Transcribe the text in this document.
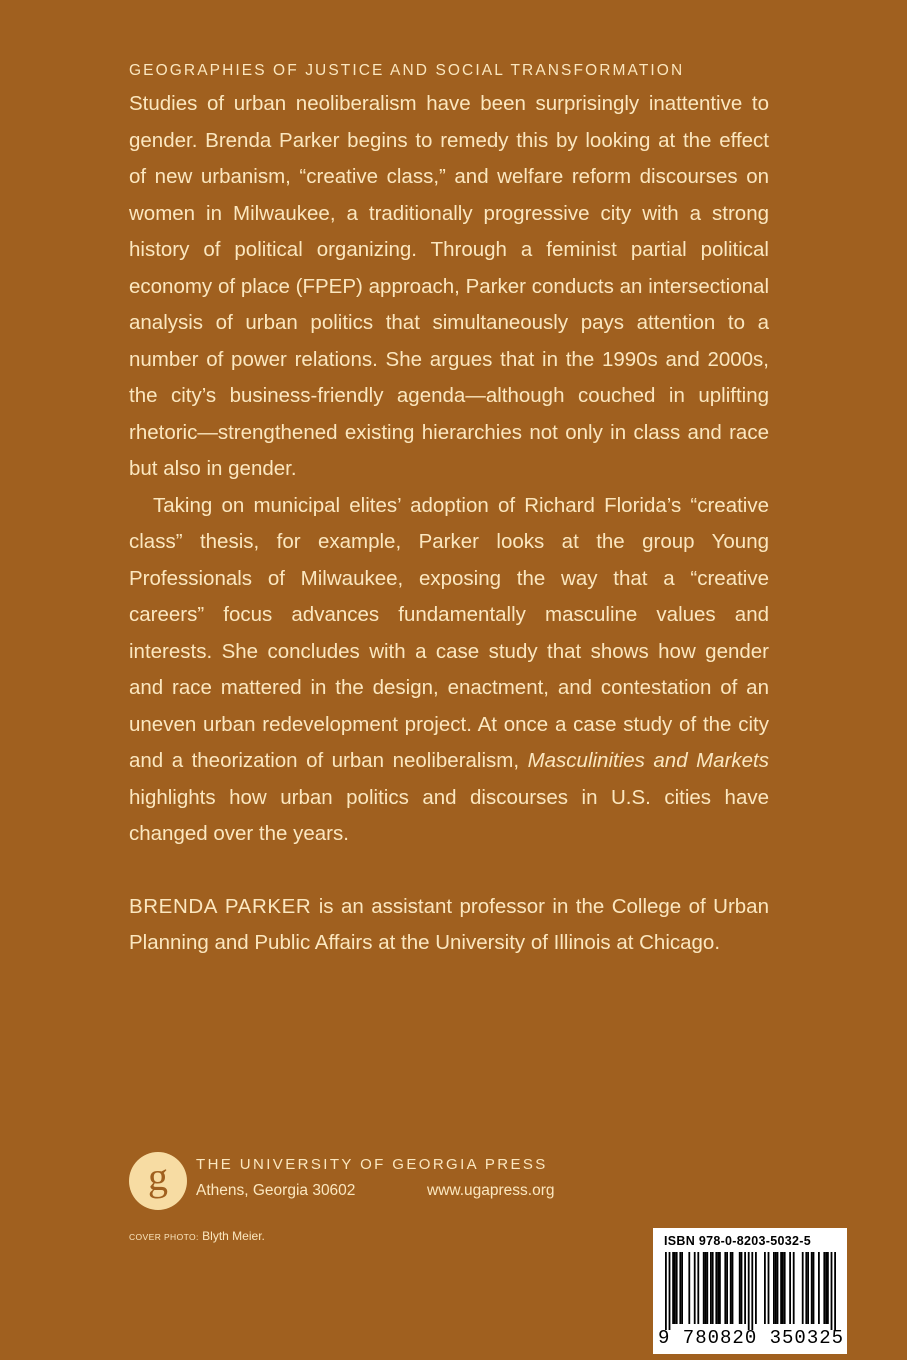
GEOGRAPHIES OF JUSTICE AND SOCIAL TRANSFORMATION

Studies of urban neoliberalism have been surprisingly inattentive to gender. Brenda Parker begins to remedy this by looking at the effect of new urbanism, “creative class,” and welfare reform discourses on women in Milwaukee, a traditionally progressive city with a strong history of political organizing. Through a feminist partial political economy of place (FPEP) approach, Parker conducts an intersectional analysis of urban politics that simultaneously pays attention to a number of power relations. She argues that in the 1990s and 2000s, the city’s business-friendly agenda—although couched in uplifting rhetoric—strengthened existing hierarchies not only in class and race but also in gender.

Taking on municipal elites’ adoption of Richard Florida’s “creative class” thesis, for example, Parker looks at the group Young Professionals of Milwaukee, exposing the way that a “creative careers” focus advances fundamentally masculine values and interests. She concludes with a case study that shows how gender and race mattered in the design, enactment, and contestation of an uneven urban redevelopment project. At once a case study of the city and a theorization of urban neoliberalism, Masculinities and Markets highlights how urban politics and discourses in U.S. cities have changed over the years.

BRENDA PARKER is an assistant professor in the College of Urban Planning and Public Affairs at the University of Illinois at Chicago.

g THE UNIVERSITY OF GEORGIA PRESS
Athens, Georgia 30602	www.ugapress.org
COVER PHOTO: Blyth Meier.	ISBN 978-0-8203-5032-5
9 780820 350325
